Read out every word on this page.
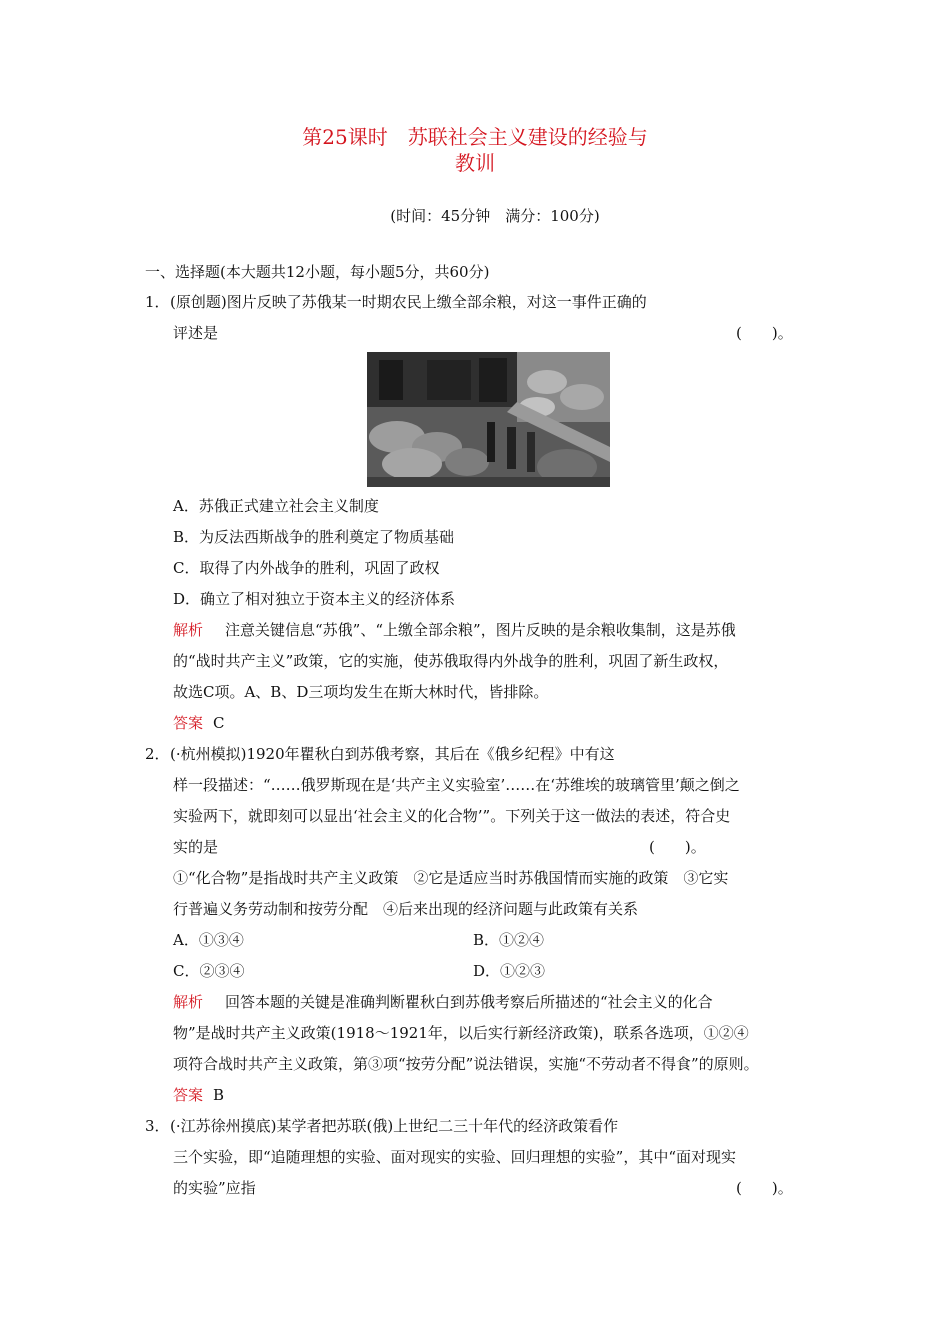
第25课时　苏联社会主义建设的经验与
教训
(时间：45分钟　满分：100分)
一、选择题(本大题共12小题，每小题5分，共60分)
1． (原创题)图片反映了苏俄某一时期农民上缴全部余粮，对这一事件正确的
评述是	(　　)。
A．苏俄正式建立社会主义制度
B．为反法西斯战争的胜利奠定了物质基础
C．取得了内外战争的胜利，巩固了政权
D．确立了相对独立于资本主义的经济体系
解析 注意关键信息“苏俄”、“上缴全部余粮”，图片反映的是余粮收集制，这是苏俄
的“战时共产主义”政策，它的实施，使苏俄取得内外战争的胜利，巩固了新生政权，
故选C项。A、B、D三项均发生在斯大林时代，皆排除。
答案 C
2． (·杭州模拟)1920年瞿秋白到苏俄考察，其后在《俄乡纪程》中有这
样一段描述：“……俄罗斯现在是‘共产主义实验室’……在‘苏维埃的玻璃管里’颠之倒之
实验两下，就即刻可以显出‘社会主义的化合物’”。下列关于这一做法的表述，符合史
实的是	(　　)。
①“化合物”是指战时共产主义政策　②它是适应当时苏俄国情而实施的政策　③它实
行普遍义务劳动制和按劳分配　④后来出现的经济问题与此政策有关系
A．①③④	B．①②④
C．②③④	D．①②③
解析 回答本题的关键是准确判断瞿秋白到苏俄考察后所描述的“社会主义的化合
物”是战时共产主义政策(1918～1921年，以后实行新经济政策)，联系各选项，①②④
项符合战时共产主义政策，第③项“按劳分配”说法错误，实施“不劳动者不得食”的原则。
答案 B
3． (·江苏徐州摸底)某学者把苏联(俄)上世纪二三十年代的经济政策看作
三个实验，即“追随理想的实验、面对现实的实验、回归理想的实验”，其中“面对现实
的实验”应指	(　　)。
